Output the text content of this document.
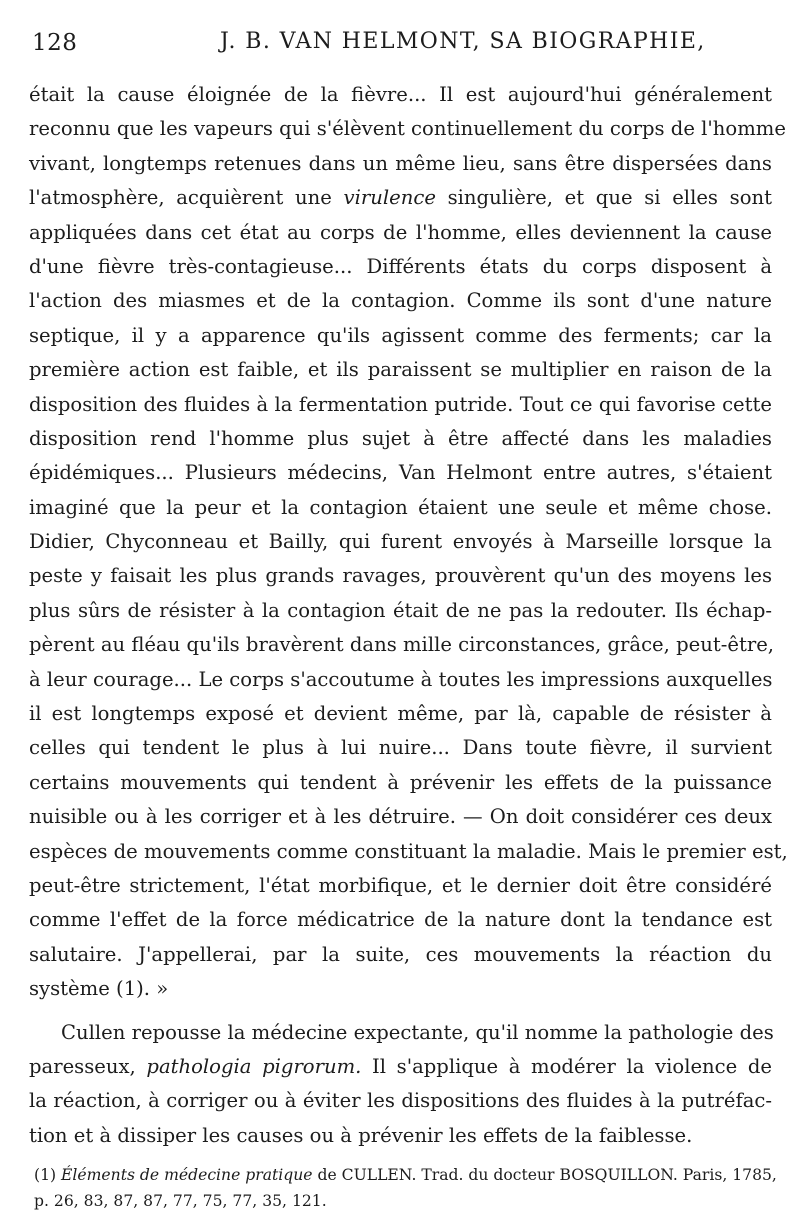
128	J. B. VAN HELMONT, SA BIOGRAPHIE,
était la cause éloignée de la fièvre... Il est aujourd'hui généralement
reconnu que les vapeurs qui s'élèvent continuellement du corps de l'homme
vivant, longtemps retenues dans un même lieu, sans être dispersées dans
l'atmosphère, acquièrent une virulence singulière, et que si elles sont
appliquées dans cet état au corps de l'homme, elles deviennent la cause
d'une fièvre très-contagieuse... Différents états du corps disposent à
l'action des miasmes et de la contagion. Comme ils sont d'une nature
septique, il y a apparence qu'ils agissent comme des ferments; car la
première action est faible, et ils paraissent se multiplier en raison de la
disposition des fluides à la fermentation putride. Tout ce qui favorise cette
disposition rend l'homme plus sujet à être affecté dans les maladies
épidémiques... Plusieurs médecins, Van Helmont entre autres, s'étaient
imaginé que la peur et la contagion étaient une seule et même chose.
Didier, Chyconneau et Bailly, qui furent envoyés à Marseille lorsque la
peste y faisait les plus grands ravages, prouvèrent qu'un des moyens les
plus sûrs de résister à la contagion était de ne pas la redouter. Ils échap-
pèrent au fléau qu'ils bravèrent dans mille circonstances, grâce, peut-être,
à leur courage... Le corps s'accoutume à toutes les impressions auxquelles
il est longtemps exposé et devient même, par là, capable de résister à
celles qui tendent le plus à lui nuire... Dans toute fièvre, il survient
certains mouvements qui tendent à prévenir les effets de la puissance
nuisible ou à les corriger et à les détruire. — On doit considérer ces deux
espèces de mouvements comme constituant la maladie. Mais le premier est,
peut-être strictement, l'état morbifique, et le dernier doit être considéré
comme l'effet de la force médicatrice de la nature dont la tendance est
salutaire. J'appellerai, par la suite, ces mouvements la réaction du
système (1). »
Cullen repousse la médecine expectante, qu'il nomme la pathologie des
paresseux, pathologia pigrorum. Il s'applique à modérer la violence de
la réaction, à corriger ou à éviter les dispositions des fluides à la putréfac-
tion et à dissiper les causes ou à prévenir les effets de la faiblesse.
(1) Éléments de médecine pratique de CULLEN. Trad. du docteur BOSQUILLON. Paris, 1785,
p. 26, 83, 87, 87, 77, 75, 77, 35, 121.
